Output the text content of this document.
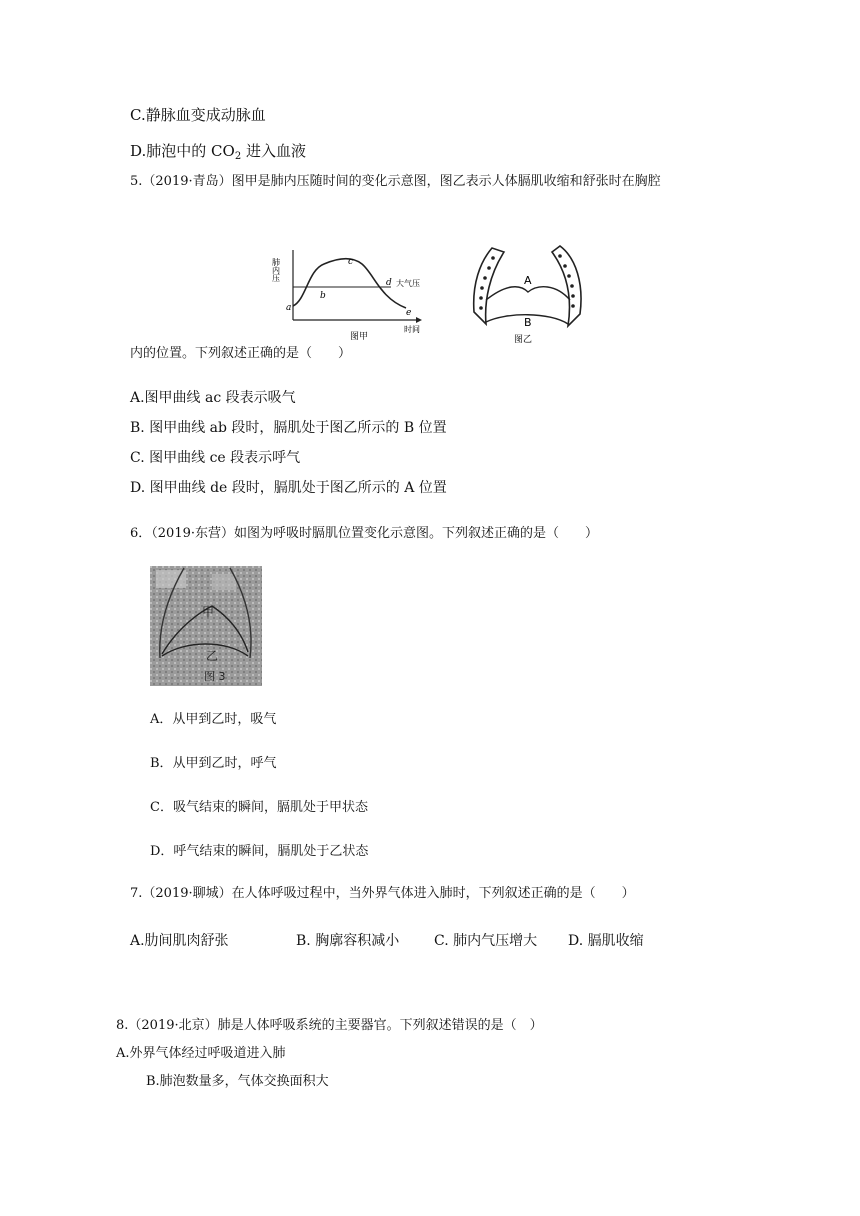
C.静脉血变成动脉血
D.肺泡中的 $CO_2$ 进入血液
5.（2019·青岛）图甲是肺内压随时间的变化示意图，图乙表示人体膈肌收缩和舒张时在胸腔
肺内压
大气压
a
b
c
d
e
时间
图甲
A
B
图乙
内的位置。下列叙述正确的是（　　）
A.图甲曲线 ac 段表示吸气
B. 图甲曲线 ab 段时，膈肌处于图乙所示的 B 位置
C. 图甲曲线 ce 段表示呼气
D. 图甲曲线 de 段时，膈肌处于图乙所示的 A 位置
6．（2019·东营）如图为呼吸时膈肌位置变化示意图。下列叙述正确的是（　　）
甲
乙
图 3
A．从甲到乙时，吸气
B．从甲到乙时，呼气
C．吸气结束的瞬间，膈肌处于甲状态
D．呼气结束的瞬间，膈肌处于乙状态
7.（2019·聊城）在人体呼吸过程中，当外界气体进入肺时，下列叙述正确的是（　　）
A.肋间肌肉舒张	B. 胸廓容积减小 C. 肺内气压增大 D. 膈肌收缩
8.（2019·北京）肺是人体呼吸系统的主要器官。下列叙述错误的是（　）
A.外界气体经过呼吸道进入肺
B.肺泡数量多，气体交换面积大
